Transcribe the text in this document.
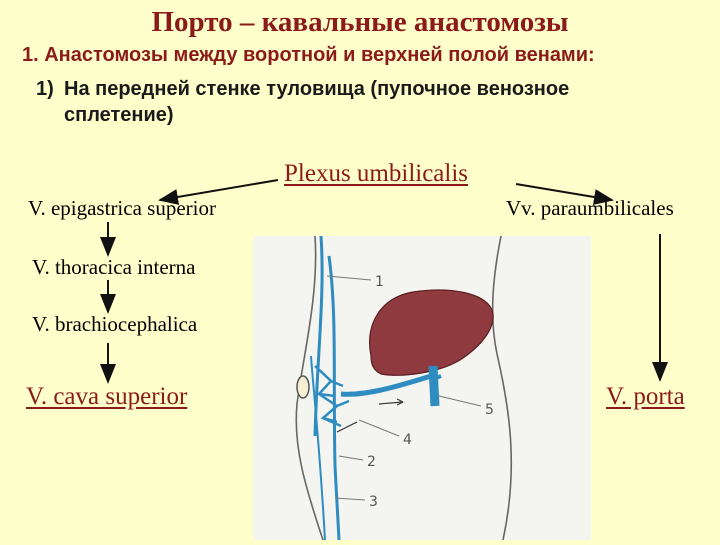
Порто – кавальные анастомозы
1. Анастомозы между воротной и верхней полой венами:
1) На передней стенке туловища (пупочное венозное
сплетение)
1
5
4
2
3
Plexus umbilicalis
V. epigastrica superior
V. thoracica interna
V. brachiocephalica
V. cava superior
Vv. paraumbilicales
V. porta
